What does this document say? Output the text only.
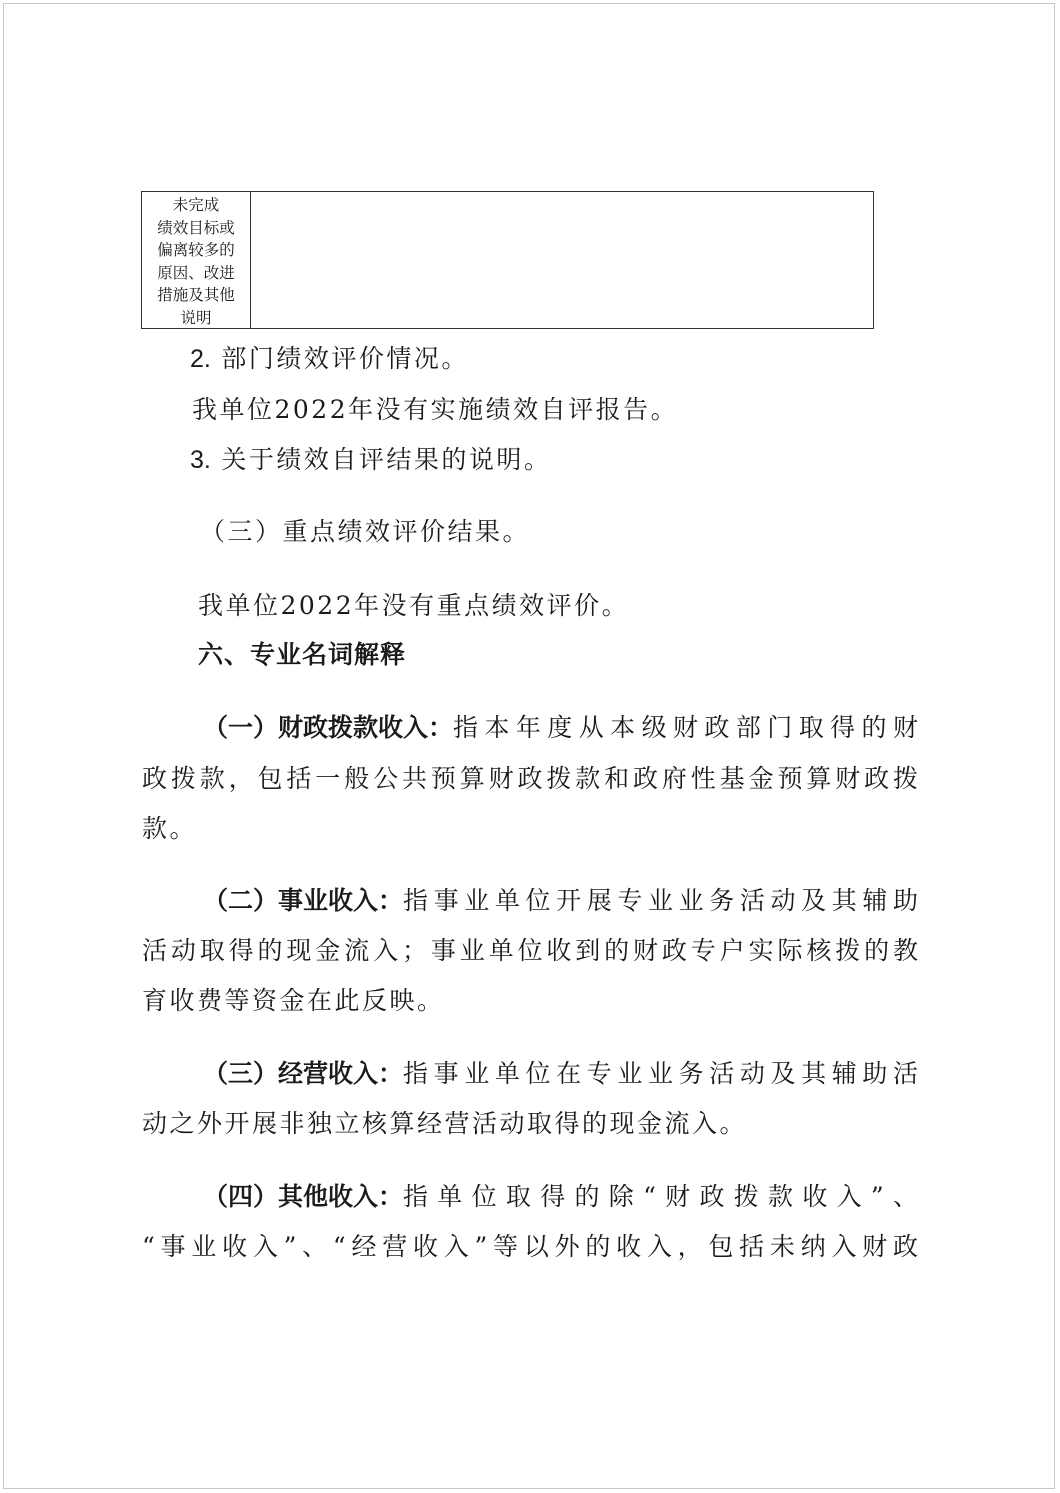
未完成
绩效目标或
偏离较多的
原因、改进
措施及其他
说明
2. 部门绩效评价情况。
我单位2022年没有实施绩效自评报告。
3. 关于绩效自评结果的说明。
（三）重点绩效评价结果。
我单位2022年没有重点绩效评价。
六、专业名词解释
（一）财政拨款收入： 指本年度从本级财政部门取得的财
政拨款，包括一般公共预算财政拨款和政府性基金预算财政拨
款。
（二）事业收入： 指事业单位开展专业业务活动及其辅助
活动取得的现金流入；事业单位收到的财政专户实际核拨的教
育收费等资金在此反映。
（三）经营收入： 指事业单位在专业业务活动及其辅助活
动之外开展非独立核算经营活动取得的现金流入。
（四）其他收入： 指单位取得的除“财政拨款收入”、
“事业收入”、“经营收入”等以外的收入，包括未纳入财政
